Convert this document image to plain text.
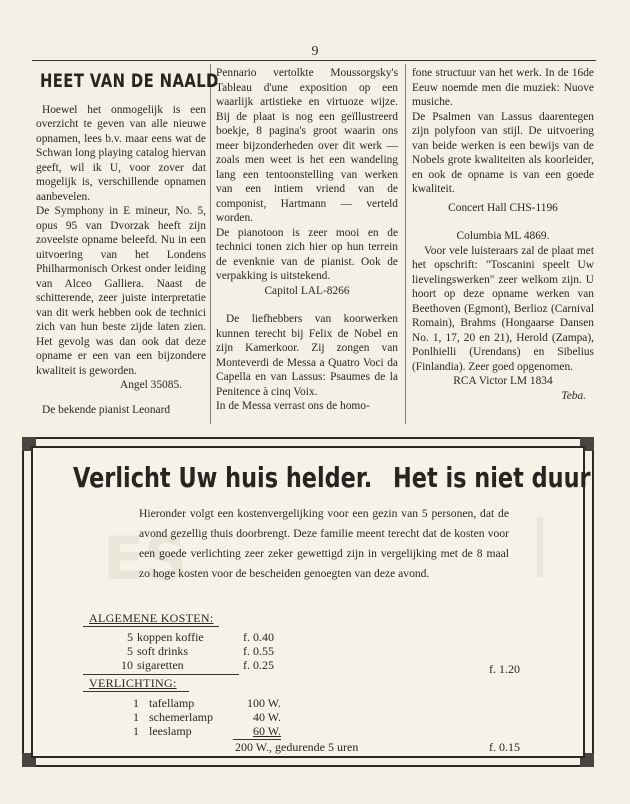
9

HEET VAN DE NAALD

Hoewel het onmogelijk is een overzicht te geven van alle nieuwe opnamen, lees b.v. maar eens wat de Schwan long playing catalog hiervan geeft, wil ik U, voor zover dat mogelijk is, verschillende opnamen aanbevelen.

De Symphony in E mineur, No. 5, opus 95 van Dvorzak heeft zijn zoveelste opname beleefd. Nu in een uitvoering van het Londens Philharmonisch Orkest onder leiding van Alceo Galliera. Naast de schitterende, zeer juiste interpretatie van dit werk hebben ook de technici zich van hun beste zijde laten zien. Het gevolg was dan ook dat deze opname er een van een bijzondere kwaliteit is geworden.

Angel 35085.

De bekende pianist Leonard

Pennario vertolkte Moussorgsky's Tableau d'une exposition op een waarlijk artistieke en virtuoze wijze. Bij de plaat is nog een geïllustreerd boekje, 8 pagina's groot waarin ons meer bijzonderheden over dit werk — zoals men weet is het een wandeling lang een tentoonstelling van werken van een intiem vriend van de componist, Hartmann — verteld worden.

De pianotoon is zeer mooi en de technici tonen zich hier op hun terrein de evenknie van de pianist. Ook de verpakking is uitstekend.

Capitol LAL-8266

De liefhebbers van koorwerken kunnen terecht bij Felix de Nobel en zijn Kamerkoor. Zij zongen van Monteverdi de Messa a Quatro Voci da Capella en van Lassus: Psaumes de la Penitence à cinq Voix.

In de Messa verrast ons de homo-

fone structuur van het werk. In de 16de Eeuw noemde men die muziek: Nuove musiche.

De Psalmen van Lassus daarentegen zijn polyfoon van stijl. De uitvoering van beide werken is een bewijs van de Nobels grote kwaliteiten als koorleider, en ook de opname is van een goede kwaliteit.

Concert Hall CHS-1196

Columbia ML 4869.

Voor vele luisteraars zal de plaat met het opschrift: "Toscanini speelt Uw lievelingswerken" zeer welkom zijn. U hoort op deze opname werken van Beethoven (Egmont), Berlioz (Carnival Romain), Brahms (Hongaarse Dansen No. 1, 17, 20 en 21), Herold (Zampa), Ponlhielli (Urendans) en Sibelius (Finlandia). Zeer goed opgenomen.

RCA Victor LM 1834

Teba.

ES	|
Verlicht Uw huis helder. Het is niet duur
Hieronder volgt een kostenvergelijking voor een gezin van 5 personen, dat de avond gezellig thuis doorbrengt. Deze familie meent terecht dat de kosten voor een goede verlichting zeer zeker gewettigd zijn in vergelijking met de 8 maal zo hoge kosten voor de bescheiden genoegten van deze avond.
ALGEMENE KOSTEN:
5 koppen koffie	f. 0.40
5 soft drinks	f. 0.55
10 sigaretten	f. 0.25	f. 1.20
VERLICHTING:
1 tafellamp	100 W.
1 schemerlamp	40 W.
1 leeslamp	60 W.
200 W., gedurende 5 uren	f. 0.15
